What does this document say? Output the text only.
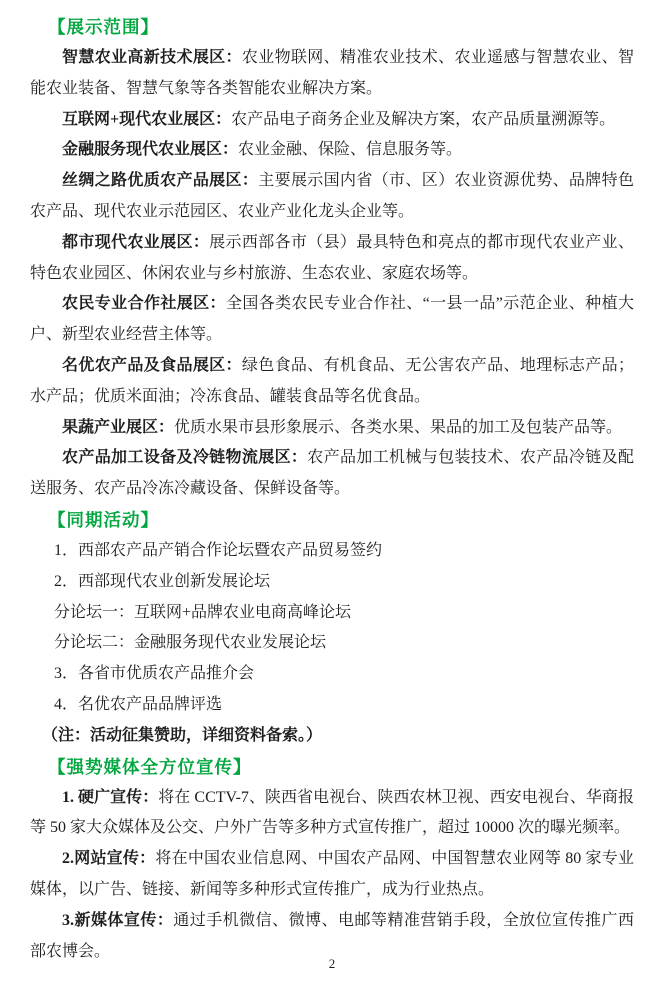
【展示范围】

智慧农业高新技术展区：农业物联网、精准农业技术、农业遥感与智慧农业、智能农业装备、智慧气象等各类智能农业解决方案。

互联网+现代农业展区：农产品电子商务企业及解决方案，农产品质量溯源等。

金融服务现代农业展区：农业金融、保险、信息服务等。

丝绸之路优质农产品展区：主要展示国内省（市、区）农业资源优势、品牌特色农产品、现代农业示范园区、农业产业化龙头企业等。

都市现代农业展区：展示西部各市（县）最具特色和亮点的都市现代农业产业、特色农业园区、休闲农业与乡村旅游、生态农业、家庭农场等。

农民专业合作社展区：全国各类农民专业合作社、“一县一品”示范企业、种植大户、新型农业经营主体等。

名优农产品及食品展区：绿色食品、有机食品、无公害农产品、地理标志产品；水产品；优质米面油；冷冻食品、罐装食品等名优食品。

果蔬产业展区：优质水果市县形象展示、各类水果、果品的加工及包装产品等。

农产品加工设备及冷链物流展区：农产品加工机械与包装技术、农产品冷链及配送服务、农产品冷冻冷藏设备、保鲜设备等。

【同期活动】
1．西部农产品产销合作论坛暨农产品贸易签约
2．西部现代农业创新发展论坛
分论坛一：互联网+品牌农业电商高峰论坛
分论坛二：金融服务现代农业发展论坛
3．各省市优质农产品推介会
4．名优农产品品牌评选
（注：活动征集赞助，详细资料备索。）
【强势媒体全方位宣传】

1. 硬广宣传：将在 CCTV-7、陕西省电视台、陕西农林卫视、西安电视台、华商报等 50 家大众媒体及公交、户外广告等多种方式宣传推广，超过 10000 次的曝光频率。

2.网站宣传：将在中国农业信息网、中国农产品网、中国智慧农业网等 80 家专业媒体，以广告、链接、新闻等多种形式宣传推广，成为行业热点。

3.新媒体宣传：通过手机微信、微博、电邮等精准营销手段，全放位宣传推广西部农博会。

2
